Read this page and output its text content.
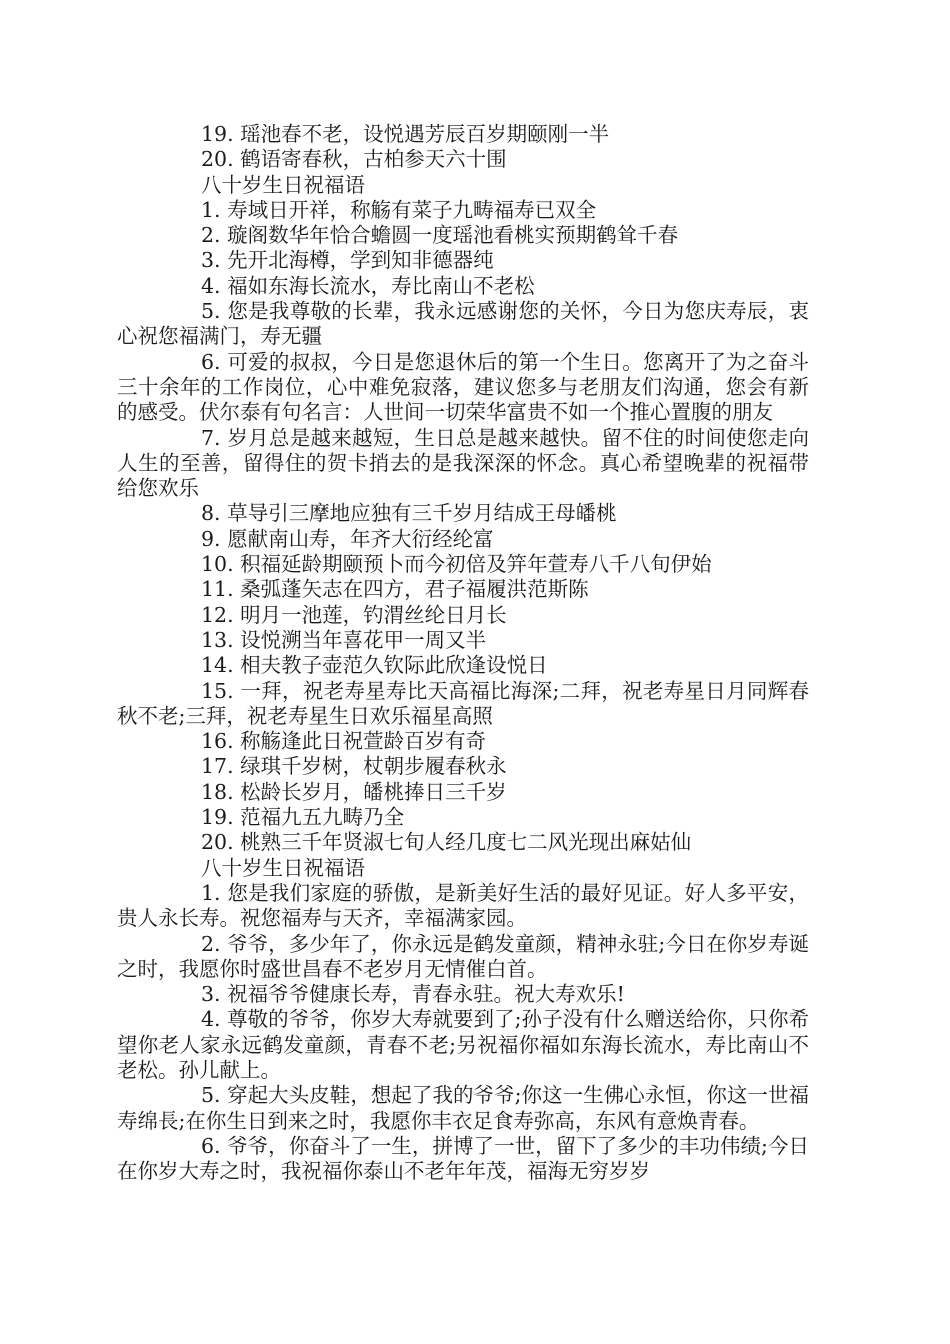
19. 瑶池春不老，设悦遇芳辰百岁期颐刚一半

20. 鹤语寄春秋，古柏参天六十围

八十岁生日祝福语

1. 寿域日开祥，称觞有菜子九畴福寿已双全

2. 璇阁数华年恰合蟾圆一度瑶池看桃实预期鹤耸千春

3. 先开北海樽，学到知非德器纯

4. 福如东海长流水，寿比南山不老松

5. 您是我尊敬的长辈，我永远感谢您的关怀，今日为您庆寿辰，衷心祝您福满门，寿无疆

6. 可爱的叔叔，今日是您退休后的第一个生日。您离开了为之奋斗三十余年的工作岗位，心中难免寂落，建议您多与老朋友们沟通，您会有新的感受。伏尔泰有句名言：人世间一切荣华富贵不如一个推心置腹的朋友

7. 岁月总是越来越短，生日总是越来越快。留不住的时间使您走向人生的至善，留得住的贺卡捎去的是我深深的怀念。真心希望晚辈的祝福带给您欢乐

8. 草导引三摩地应独有三千岁月结成王母皤桃

9. 愿献南山寿，年齐大衍经纶富

10. 积福延龄期颐预卜而今初倍及笄年萱寿八千八旬伊始

11. 桑弧蓬矢志在四方，君子福履洪范斯陈

12. 明月一池莲，钓渭丝纶日月长

13. 设悦溯当年喜花甲一周又半

14. 相夫教子壶范久钦际此欣逢设悦日

15. 一拜，祝老寿星寿比天高福比海深;二拜，祝老寿星日月同辉春秋不老;三拜，祝老寿星生日欢乐福星高照

16. 称觞逢此日祝萱龄百岁有奇

17. 绿琪千岁树，杖朝步履春秋永

18. 松龄长岁月，皤桃捧日三千岁

19. 范福九五九畴乃全

20. 桃熟三千年贤淑七旬人经几度七二风光现出麻姑仙

八十岁生日祝福语

1. 您是我们家庭的骄傲，是新美好生活的最好见证。好人多平安，贵人永长寿。祝您福寿与天齐，幸福满家园。

2. 爷爷，多少年了，你永远是鹤发童颜，精神永驻;今日在你岁寿诞之时，我愿你时盛世昌春不老岁月无情催白首。

3. 祝福爷爷健康长寿，青春永驻。祝大寿欢乐!

4. 尊敬的爷爷，你岁大寿就要到了;孙子没有什么赠送给你，只你希望你老人家永远鹤发童颜，青春不老;另祝福你福如东海长流水，寿比南山不老松。孙儿献上。

5. 穿起大头皮鞋，想起了我的爷爷;你这一生佛心永恒，你这一世福寿绵長;在你生日到来之时，我愿你丰衣足食寿弥高，东风有意焕青春。

6. 爷爷，你奋斗了一生，拼博了一世，留下了多少的丰功伟绩;今日在你岁大寿之时，我祝福你泰山不老年年茂，福海无穷岁岁
